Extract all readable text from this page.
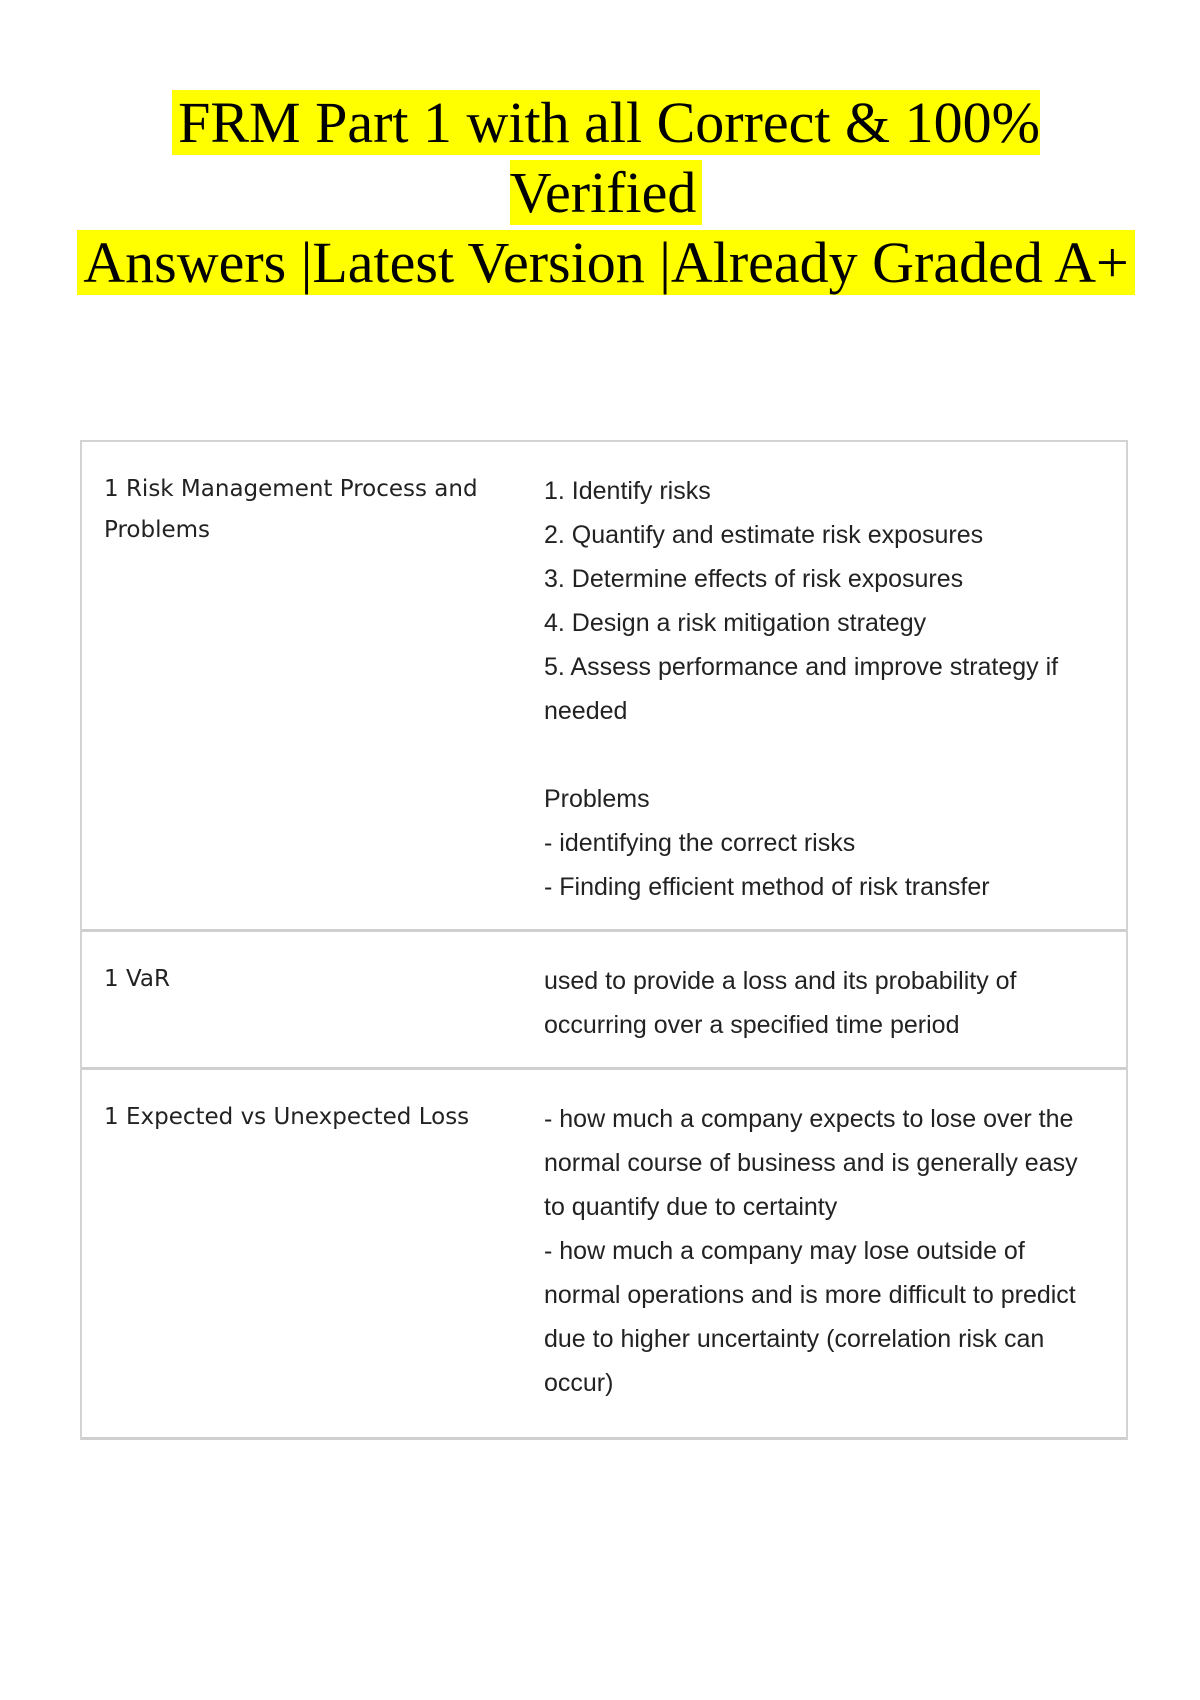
FRM Part 1 with all Correct & 100% Verified
Answers |Latest Version |Already Graded A+
1 Risk Management Process and Problems
1. Identify risks
2. Quantify and estimate risk exposures
3. Determine effects of risk exposures
4. Design a risk mitigation strategy
5. Assess performance and improve strategy if needed

Problems
- identifying the correct risks
- Finding efficient method of risk transfer
1 VaR	used to provide a loss and its probability of occurring over a specified time period
1 Expected vs Unexpected Loss	- how much a company expects to lose over the normal course of business and is generally easy to quantify due to certainty
- how much a company may lose outside of normal operations and is more difficult to predict due to higher uncertainty (correlation risk can occur)
